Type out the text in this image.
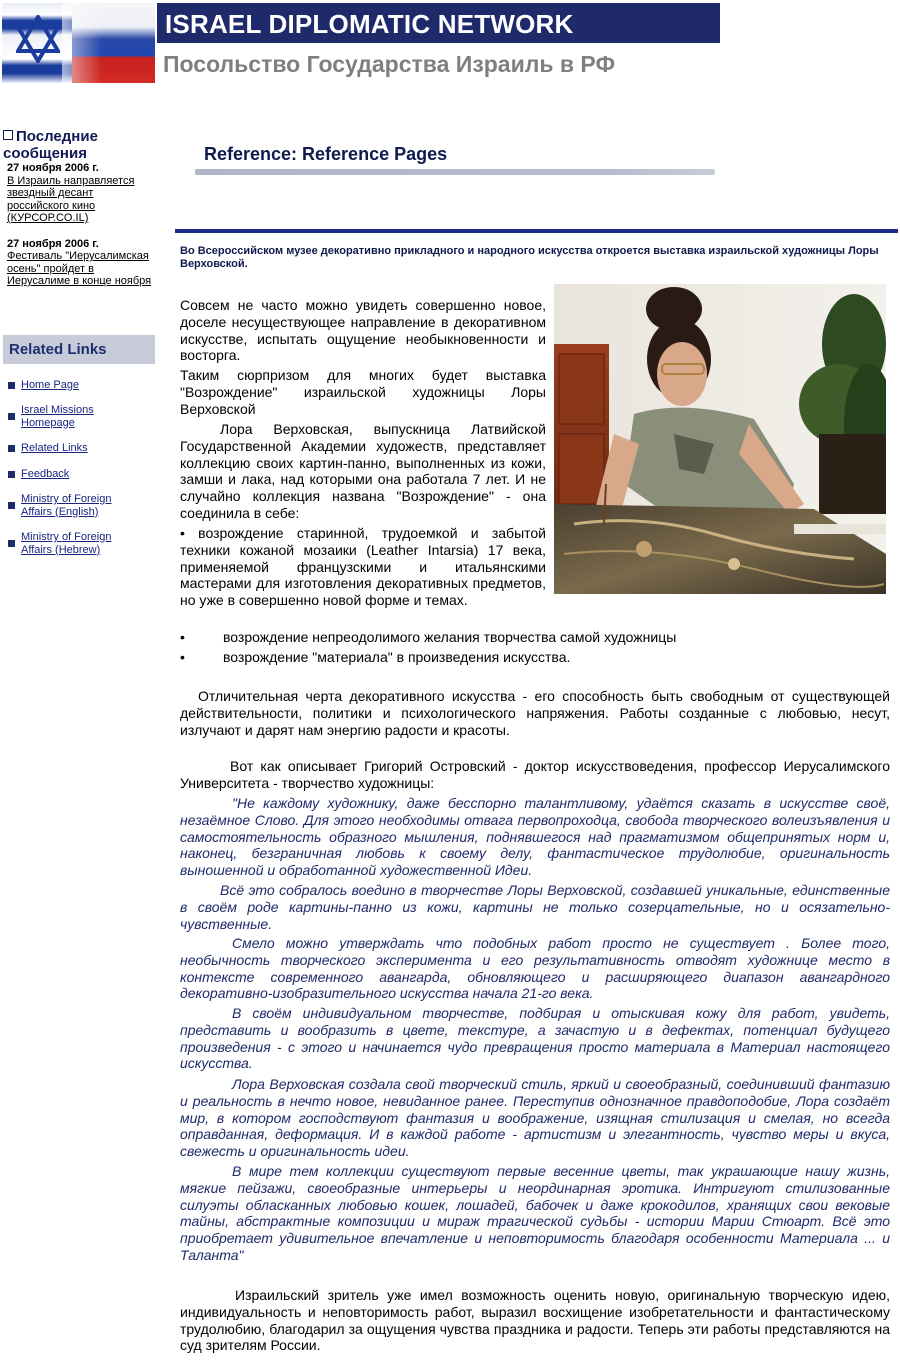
ISRAEL DIPLOMATIC NETWORK
Посольство Государства Израиль в РФ
Последние сообщения
27 ноября 2006 г.
В Израиль направляется звездный десант российского кино (КУРСОР.CO.IL)
27 ноября 2006 г.
Фестиваль "Иерусалимская осень" пройдет в Иерусалиме в конце ноября
Related Links
Home Page
Israel Missions Homepage
Related Links
Feedback
Ministry of Foreign Affairs (English)
Ministry of Foreign Affairs (Hebrew)
Reference: Reference Pages
Во Всероссийском музее декоративно прикладного и народного искусства откроется выставка израильской художницы Лоры Верховской.

Совсем не часто можно увидеть совершенно новое, доселе несуществующее направление в декоративном искусстве, испытать ощущение необыкновенности и восторга.

Таким сюрпризом для многих будет выставка "Возрождение" израильской художницы Лоры Верховской

Лора Верховская, выпускница Латвийской Государственной Академии художеств, представляет коллекцию своих картин-панно, выполненных из кожи, замши и лака, над которыми она работала 7 лет. И не случайно коллекция названа "Возрождение" - она соединила в себе:

• возрождение старинной, трудоемкой и забытой техники кожаной мозаики (Leather Intarsia) 17 века, применяемой французскими и итальянскими мастерами для изготовления декоративных предметов, но уже в совершенно новой форме и темах.

•	возрождение непреодолимого желания творчества самой художницы
•	возрождение "материала" в произведения искусства.

Отличительная черта декоративного искусства - его способность быть свободным от существующей действительности, политики и психологического напряжения. Работы созданные с любовью, несут, излучают и дарят нам энергию радости и красоты.

Вот как описывает Григорий Островский - доктор искусствоведения, профессор Иерусалимского Университета - творчество художницы:

"Не каждому художнику, даже бесспорно талантливому, удаётся сказать в искусстве своё, незаёмное Слово. Для этого необходимы отвага первопроходца, свобода творческого волеизъявления и самостоятельность образного мышления, поднявшегося над прагматизмом общепринятых норм и, наконец, безграничная любовь к своему делу, фантастическое трудолюбие, оригинальность выношенной и обработанной художественной Идеи.

Всё это собралось воедино в творчестве Лоры Верховской, создавшей уникальные, единственные в своём роде картины-панно из кожи, картины не только созерцательные, но и осязательно-чувственные.

Смело можно утверждать что подобных работ просто не существует . Более того, необычность творческого эксперимента и его результативность отводят художнице место в контексте современного авангарда, обновляющего и расширяющего диапазон авангардного декоративно-изобразительного искусства начала 21-го века.

В своём индивидуальном творчестве, подбирая и отыскивая кожу для работ, увидеть, представить и вообразить в цвете, текстуре, а зачастую и в дефектах, потенциал будущего произведения - с этого и начинается чудо превращения просто материала в Материал настоящего искусства.

Лора Верховская создала свой творческий стиль, яркий и своеобразный, соединивший фантазию и реальность в нечто новое, невиданное ранее. Переступив однозначное правдоподобие, Лора создаёт мир, в котором господствуют фантазия и воображение, изящная стилизация и смелая, но всегда оправданная, деформация. И в каждой работе - артистизм и элегантность, чувство меры и вкуса, свежесть и оригинальность идеи.

В мире тем коллекции существуют первые весенние цветы, так украшающие нашу жизнь, мягкие пейзажи, своеобразные интерьеры и неординарная эротика. Интригуют стилизованные силуэты обласканных любовью кошек, лошадей, бабочек и даже крокодилов, хранящих свои вековые тайны, абстрактные композиции и мираж трагической судьбы - истории Марии Стюарт. Всё это приобретает удивительное впечатление и неповторимость благодаря особенности Материала ... и Таланта"

Израильский зритель уже имел возможность оценить новую, оригинальную творческую идею, индивидуальность и неповторимость работ, выразил восхищение изобретательности и фантастическому трудолюбию, благодарил за ощущения чувства праздника и радости. Теперь эти работы представляются на суд зрителям России.
